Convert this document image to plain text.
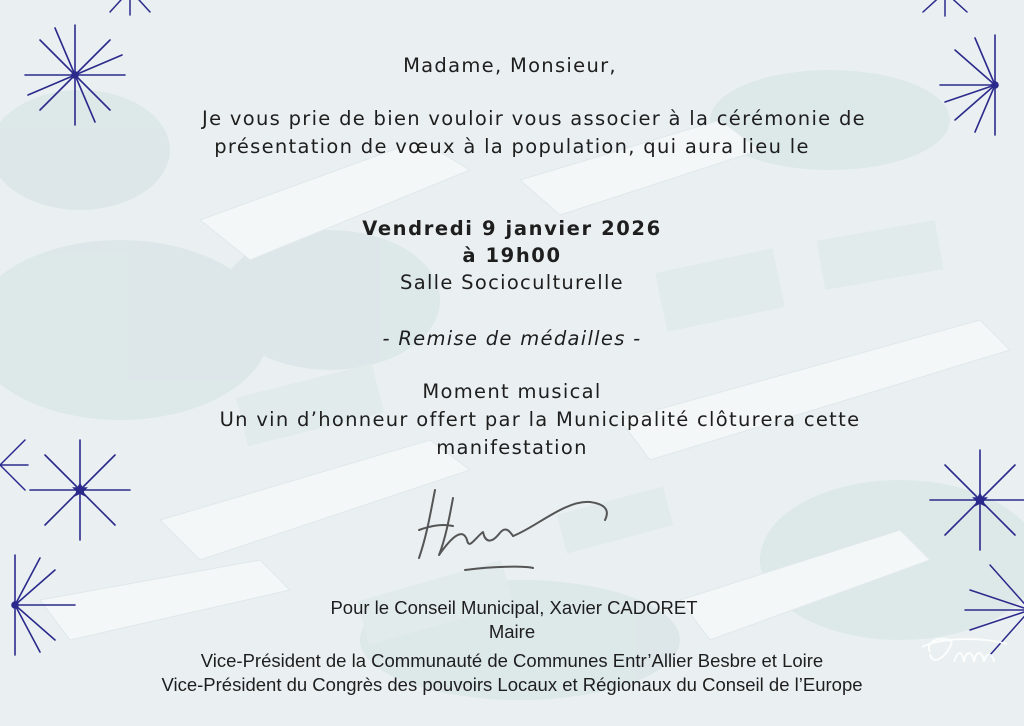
Madame, Monsieur,
Je vous prie de bien vouloir vous associer à la cérémonie de
présentation de vœux à la population, qui aura lieu le
Vendredi 9 janvier 2026
à 19h00
Salle Socioculturelle
- Remise de médailles -
Moment musical
Un vin d’honneur offert par la Municipalité clôturera cette
manifestation
Pour le Conseil Municipal, Xavier CADORET
Maire
Vice-Président de la Communauté de Communes Entr’Allier Besbre et Loire
Vice-Président du Congrès des pouvoirs Locaux et Régionaux du Conseil de l’Europe
